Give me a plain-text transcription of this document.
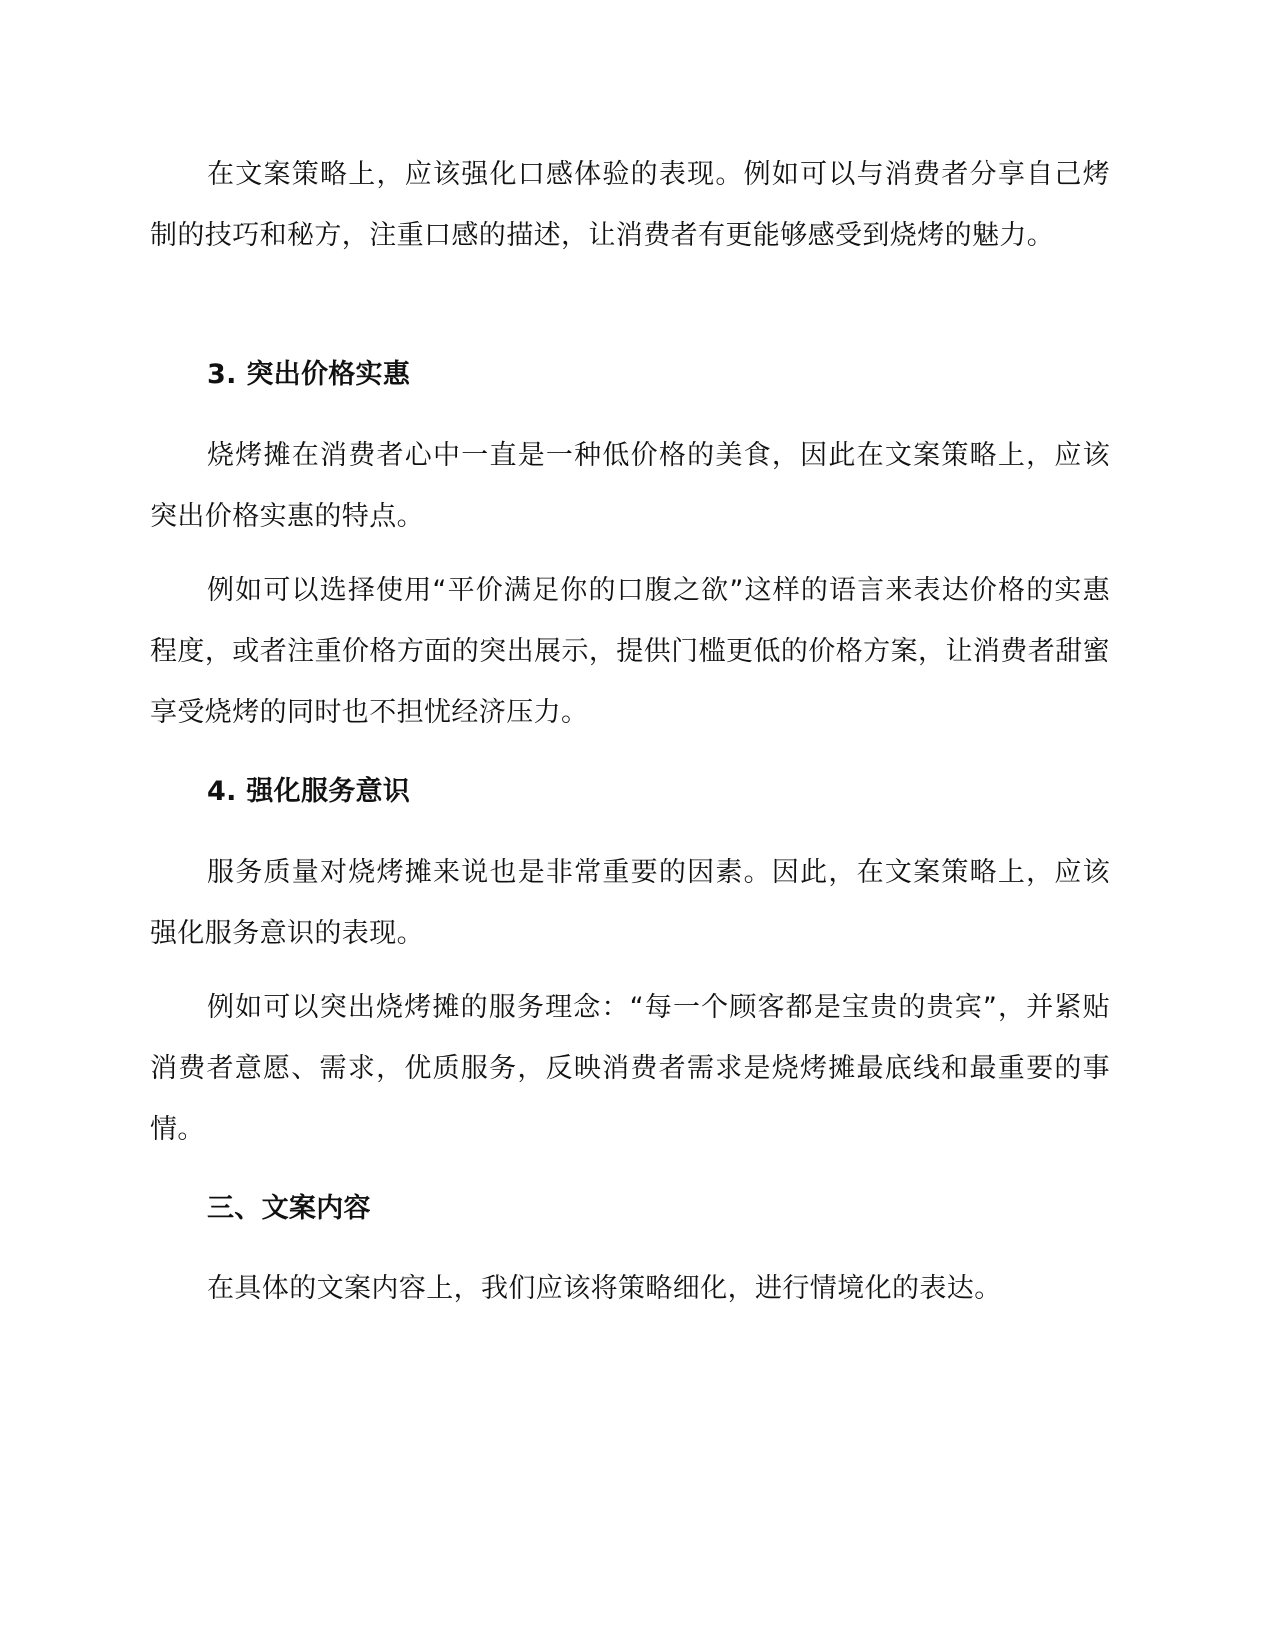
在文案策略上，应该强化口感体验的表现。例如可以与消费者分享自己烤制的技巧和秘方，注重口感的描述，让消费者有更能够感受到烧烤的魅力。

3. 突出价格实惠

烧烤摊在消费者心中一直是一种低价格的美食，因此在文案策略上，应该突出价格实惠的特点。

例如可以选择使用“平价满足你的口腹之欲”这样的语言来表达价格的实惠程度，或者注重价格方面的突出展示，提供门槛更低的价格方案，让消费者甜蜜享受烧烤的同时也不担忧经济压力。

4. 强化服务意识

服务质量对烧烤摊来说也是非常重要的因素。因此，在文案策略上，应该强化服务意识的表现。

例如可以突出烧烤摊的服务理念：“每一个顾客都是宝贵的贵宾”，并紧贴消费者意愿、需求，优质服务，反映消费者需求是烧烤摊最底线和最重要的事情。

三、文案内容

在具体的文案内容上，我们应该将策略细化，进行情境化的表达。
